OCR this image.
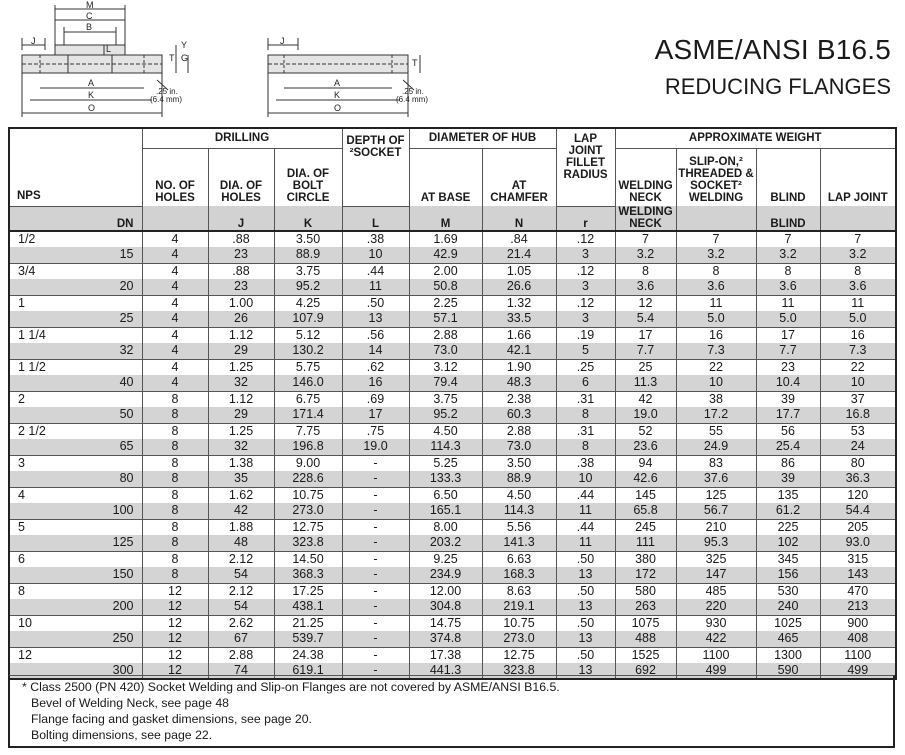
M
C
B
J
L
T G
Y
A
K
O
.25 in.
(6.4 mm)
J
T
A
K
O
.25 in.
(6.4 mm)
ASME/ANSI B16.5
REDUCING FLANGES
NPS	DRILLING			DEPTH OF ²SOCKET	DIAMETER OF HUB		LAP JOINT FILLET RADIUS	APPROXIMATE WEIGHT			
	NO. OF HOLES	DIA. OF HOLES	DIA. OF BOLT CIRCLE		AT BASE	AT CHAMFER		WELDING NECK	SLIP-ON,² THREADED & SOCKET² WELDING	BLIND	LAP JOINT
DN		J	K	L	M	N	r	WELDING NECK		BLIND	
1/2	4	.88	3.50	.38	1.69	.84	.12	7	7	7	7
15	4	23	88.9	10	42.9	21.4	3	3.2	3.2	3.2	3.2
3/4	4	.88	3.75	.44	2.00	1.05	.12	8	8	8	8
20	4	23	95.2	11	50.8	26.6	3	3.6	3.6	3.6	3.6
1	4	1.00	4.25	.50	2.25	1.32	.12	12	11	11	11
25	4	26	107.9	13	57.1	33.5	3	5.4	5.0	5.0	5.0
1 1/4	4	1.12	5.12	.56	2.88	1.66	.19	17	16	17	16
32	4	29	130.2	14	73.0	42.1	5	7.7	7.3	7.7	7.3
1 1/2	4	1.25	5.75	.62	3.12	1.90	.25	25	22	23	22
40	4	32	146.0	16	79.4	48.3	6	11.3	10	10.4	10
2	8	1.12	6.75	.69	3.75	2.38	.31	42	38	39	37
50	8	29	171.4	17	95.2	60.3	8	19.0	17.2	17.7	16.8
2 1/2	8	1.25	7.75	.75	4.50	2.88	.31	52	55	56	53
65	8	32	196.8	19.0	114.3	73.0	8	23.6	24.9	25.4	24
3	8	1.38	9.00	-	5.25	3.50	.38	94	83	86	80
80	8	35	228.6	-	133.3	88.9	10	42.6	37.6	39	36.3
4	8	1.62	10.75	-	6.50	4.50	.44	145	125	135	120
100	8	42	273.0	-	165.1	114.3	11	65.8	56.7	61.2	54.4
5	8	1.88	12.75	-	8.00	5.56	.44	245	210	225	205
125	8	48	323.8	-	203.2	141.3	11	111	95.3	102	93.0
6	8	2.12	14.50	-	9.25	6.63	.50	380	325	345	315
150	8	54	368.3	-	234.9	168.3	13	172	147	156	143
8	12	2.12	17.25	-	12.00	8.63	.50	580	485	530	470
200	12	54	438.1	-	304.8	219.1	13	263	220	240	213
10	12	2.62	21.25	-	14.75	10.75	.50	1075	930	1025	900
250	12	67	539.7	-	374.8	273.0	13	488	422	465	408
12	12	2.88	24.38	-	17.38	12.75	.50	1525	1100	1300	1100
300	12	74	619.1	-	441.3	323.8	13	692	499	590	499
* Class 2500 (PN 420) Socket Welding and Slip-on Flanges are not covered by ASME/ANSI B16.5.
Bevel of Welding Neck, see page 48
Flange facing and gasket dimensions, see page 20.
Bolting dimensions, see page 22.
